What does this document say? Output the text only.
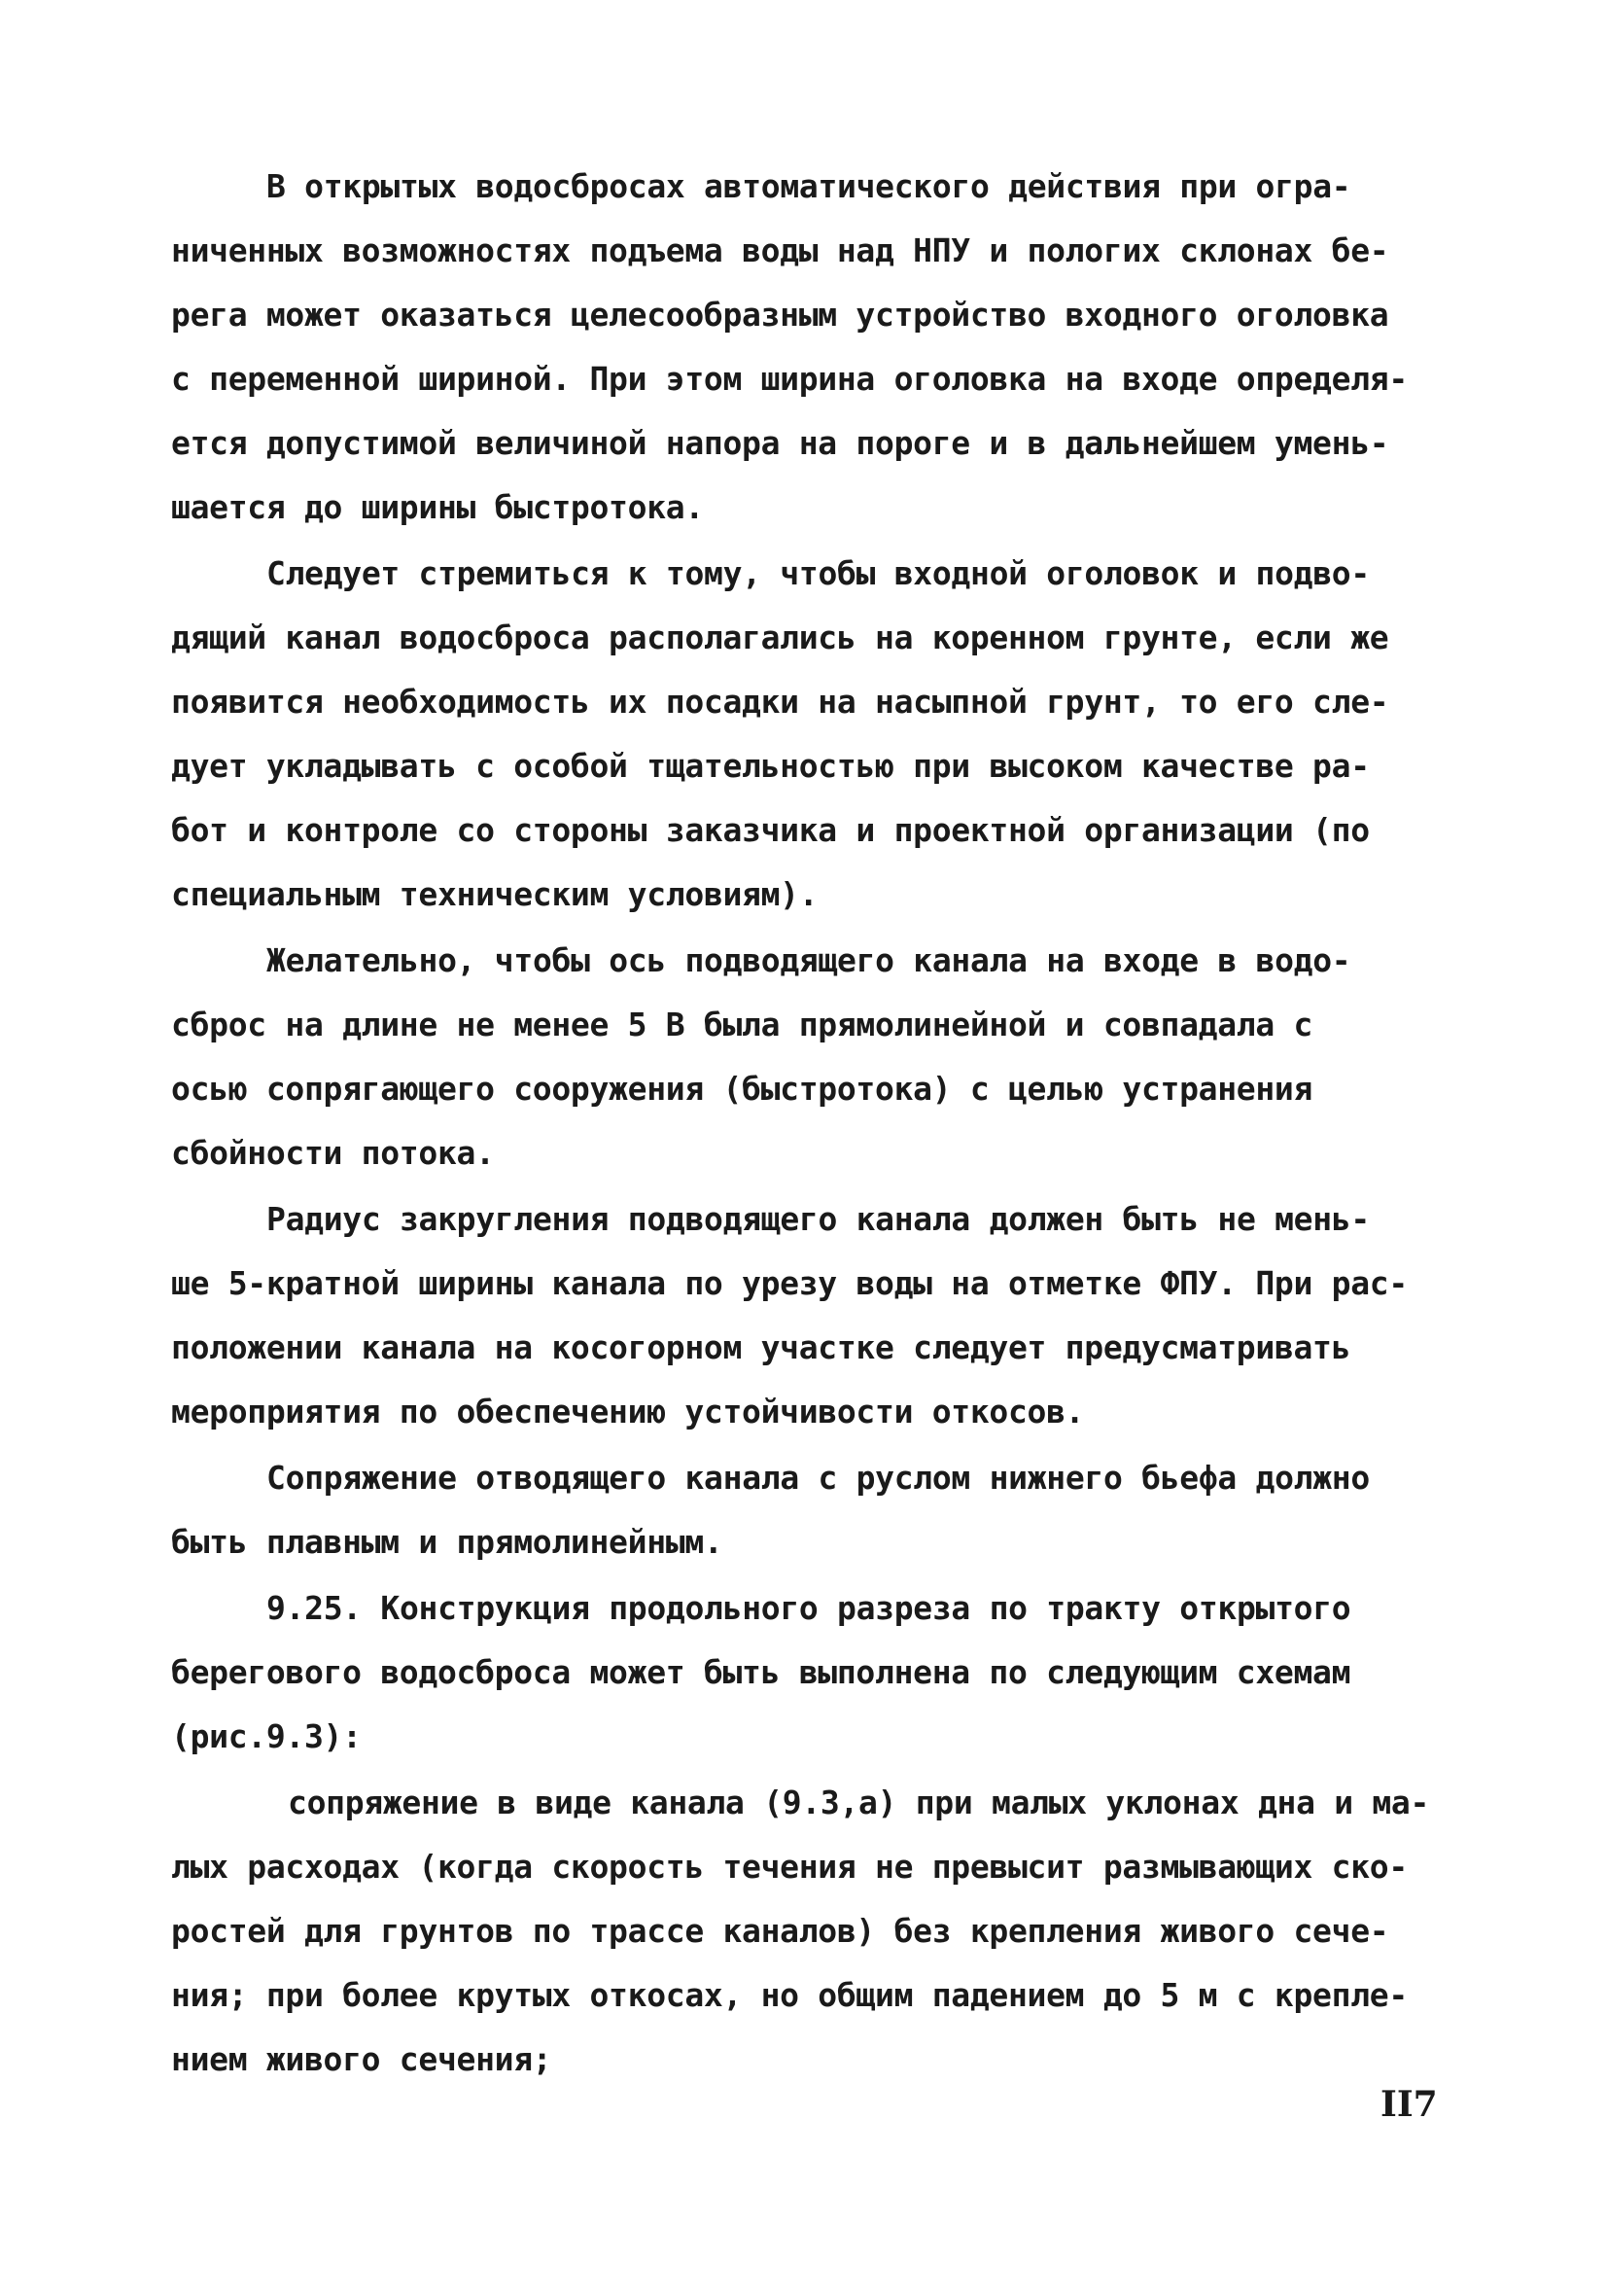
В открытых водосбросах автоматического действия при огра-
ниченных возможностях подъема воды над НПУ и пологих склонах бе-
рега может оказаться целесообразным устройство входного оголовка
с переменной шириной. При этом ширина оголовка на входе определя-
ется допустимой величиной напора на пороге и в дальнейшем умень-
шается до ширины быстротока.
Следует стремиться к тому, чтобы входной оголовок и подво-
дящий канал водосброса располагались на коренном грунте, если же
появится необходимость их посадки на насыпной грунт, то его сле-
дует укладывать с особой тщательностью при высоком качестве ра-
бот и контроле со стороны заказчика и проектной организации (по
специальным техническим условиям).
Желательно, чтобы ось подводящего канала на входе в водо-
сброс на длине не менее 5 В была прямолинейной и совпадала с
осью сопрягающего сооружения (быстротока) с целью устранения
сбойности потока.
Радиус закругления подводящего канала должен быть не мень-
ше 5-кратной ширины канала по урезу воды на отметке ФПУ. При рас-
положении канала на косогорном участке следует предусматривать
мероприятия по обеспечению устойчивости откосов.
Сопряжение отводящего канала с руслом нижнего бьефа должно
быть плавным и прямолинейным.
9.25. Конструкция продольного разреза по тракту открытого
берегового водосброса может быть выполнена по следующим схемам
(рис.9.3):
сопряжение в виде канала (9.3,а) при малых уклонах дна и ма-
лых расходах (когда скорость течения не превысит размывающих ско-
ростей для грунтов по трассе каналов) без крепления живого сече-
ния; при более крутых откосах, но общим падением до 5 м с крепле-
нием живого сечения;
II7
